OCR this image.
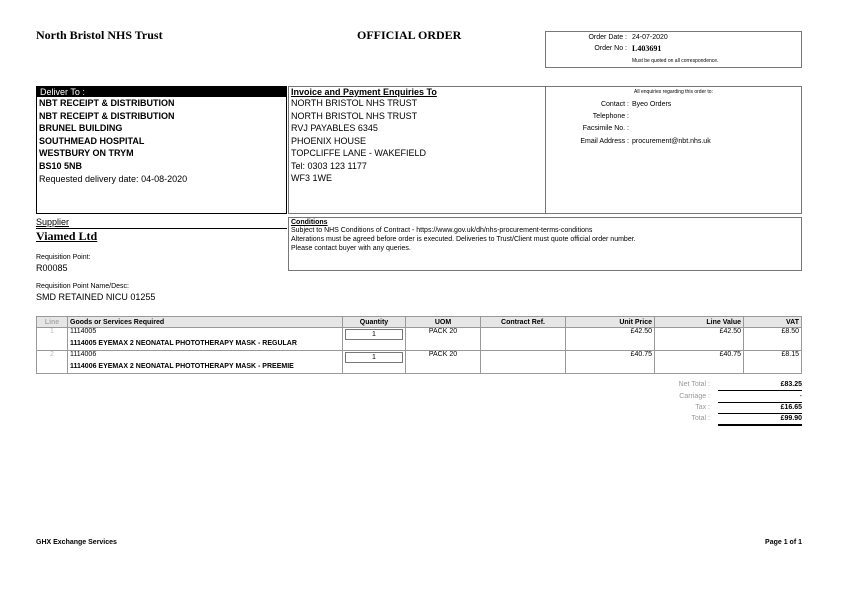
North Bristol NHS Trust	OFFICIAL ORDER	Order Date : 24-07-2020
Order No : L403691
Must be quoted on all correspondence.
Deliver To :
NBT RECEIPT & DISTRIBUTION
NBT RECEIPT & DISTRIBUTION
BRUNEL BUILDING
SOUTHMEAD HOSPITAL
WESTBURY ON TRYM
BS10 5NB
Requested delivery date: 04-08-2020
Invoice and Payment Enquiries To
NORTH BRISTOL NHS TRUST
NORTH BRISTOL NHS TRUST
RVJ PAYABLES 6345
PHOENIX HOUSE
TOPCLIFFE LANE - WAKEFIELD
Tel: 0303 123 1177
WF3 1WE
All enquiries regarding this order to:
Contact : Byeo Orders
Telephone :
Facsimile No. :
Email Address : procurement@nbt.nhs.uk
Supplier
Viamed Ltd
Requisition Point:
R00085
Requisition Point Name/Desc:
SMD RETAINED NICU 01255
Conditions
Subject to NHS Conditions of Contract - https://www.gov.uk/dh/nhs-procurement-terms-conditions
Alterations must be agreed before order is executed. Deliveries to Trust/Client must quote official order number.
Please contact buyer with any queries.
Line	Goods or Services Required	Quantity	UOM	Contract Ref.	Unit Price	Line Value	VAT
1	1114005	1	PACK 20		£42.50	£42.50	£8.50
	1114005 EYEMAX 2 NEONATAL PHOTOTHERAPY MASK - REGULAR						
2	1114006	1	PACK 20		£40.75	£40.75	£8.15
	1114006 EYEMAX 2 NEONATAL PHOTOTHERAPY MASK - PREEMIE						
Net Total :	£83.25
Carriage :	-
Tax :	£16.65
Total :	£99.90
GHX Exchange Services	Page 1 of 1
